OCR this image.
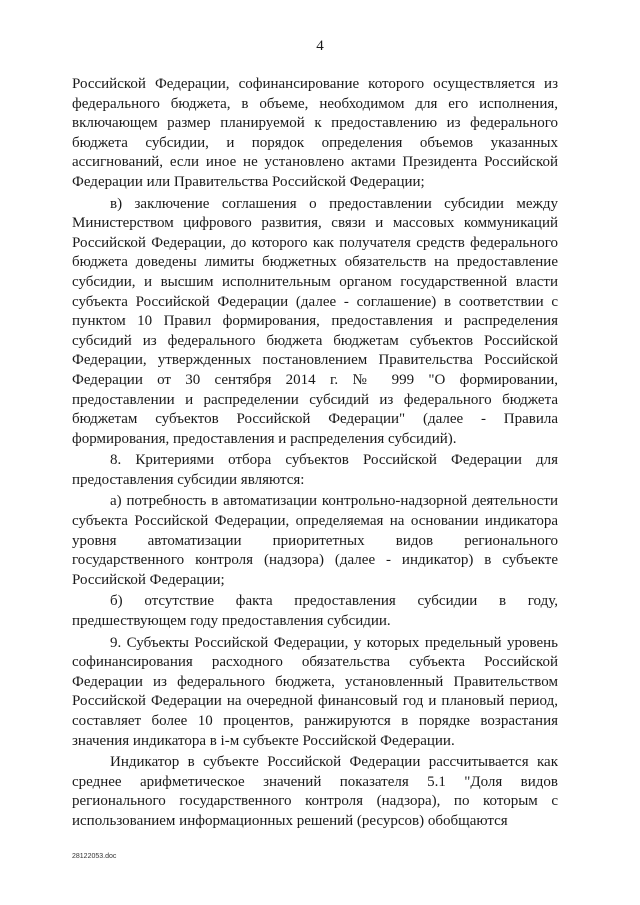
4

Российской Федерации, софинансирование которого осуществляется из федерального бюджета, в объеме, необходимом для его исполнения, включающем размер планируемой к предоставлению из федерального бюджета субсидии, и порядок определения объемов указанных ассигнований, если иное не установлено актами Президента Российской Федерации или Правительства Российской Федерации;

в) заключение соглашения о предоставлении субсидии между Министерством цифрового развития, связи и массовых коммуникаций Российской Федерации, до которого как получателя средств федерального бюджета доведены лимиты бюджетных обязательств на предоставление субсидии, и высшим исполнительным органом государственной власти субъекта Российской Федерации (далее - соглашение) в соответствии с пунктом 10 Правил формирования, предоставления и распределения субсидий из федерального бюджета бюджетам субъектов Российской Федерации, утвержденных постановлением Правительства Российской Федерации от 30 сентября 2014 г. № 999 "О формировании, предоставлении и распределении субсидий из федерального бюджета бюджетам субъектов Российской Федерации" (далее - Правила формирования, предоставления и распределения субсидий).

8. Критериями отбора субъектов Российской Федерации для предоставления субсидии являются:

а) потребность в автоматизации контрольно-надзорной деятельности субъекта Российской Федерации, определяемая на основании индикатора уровня автоматизации приоритетных видов регионального государственного контроля (надзора) (далее - индикатор) в субъекте Российской Федерации;

б) отсутствие факта предоставления субсидии в году, предшествующем году предоставления субсидии.

9. Субъекты Российской Федерации, у которых предельный уровень софинансирования расходного обязательства субъекта Российской Федерации из федерального бюджета, установленный Правительством Российской Федерации на очередной финансовый год и плановый период, составляет более 10 процентов, ранжируются в порядке возрастания значения индикатора в i-м субъекте Российской Федерации.

Индикатор в субъекте Российской Федерации рассчитывается как среднее арифметическое значений показателя 5.1 "Доля видов регионального государственного контроля (надзора), по которым с использованием информационных решений (ресурсов) обобщаются

28122053.doc
